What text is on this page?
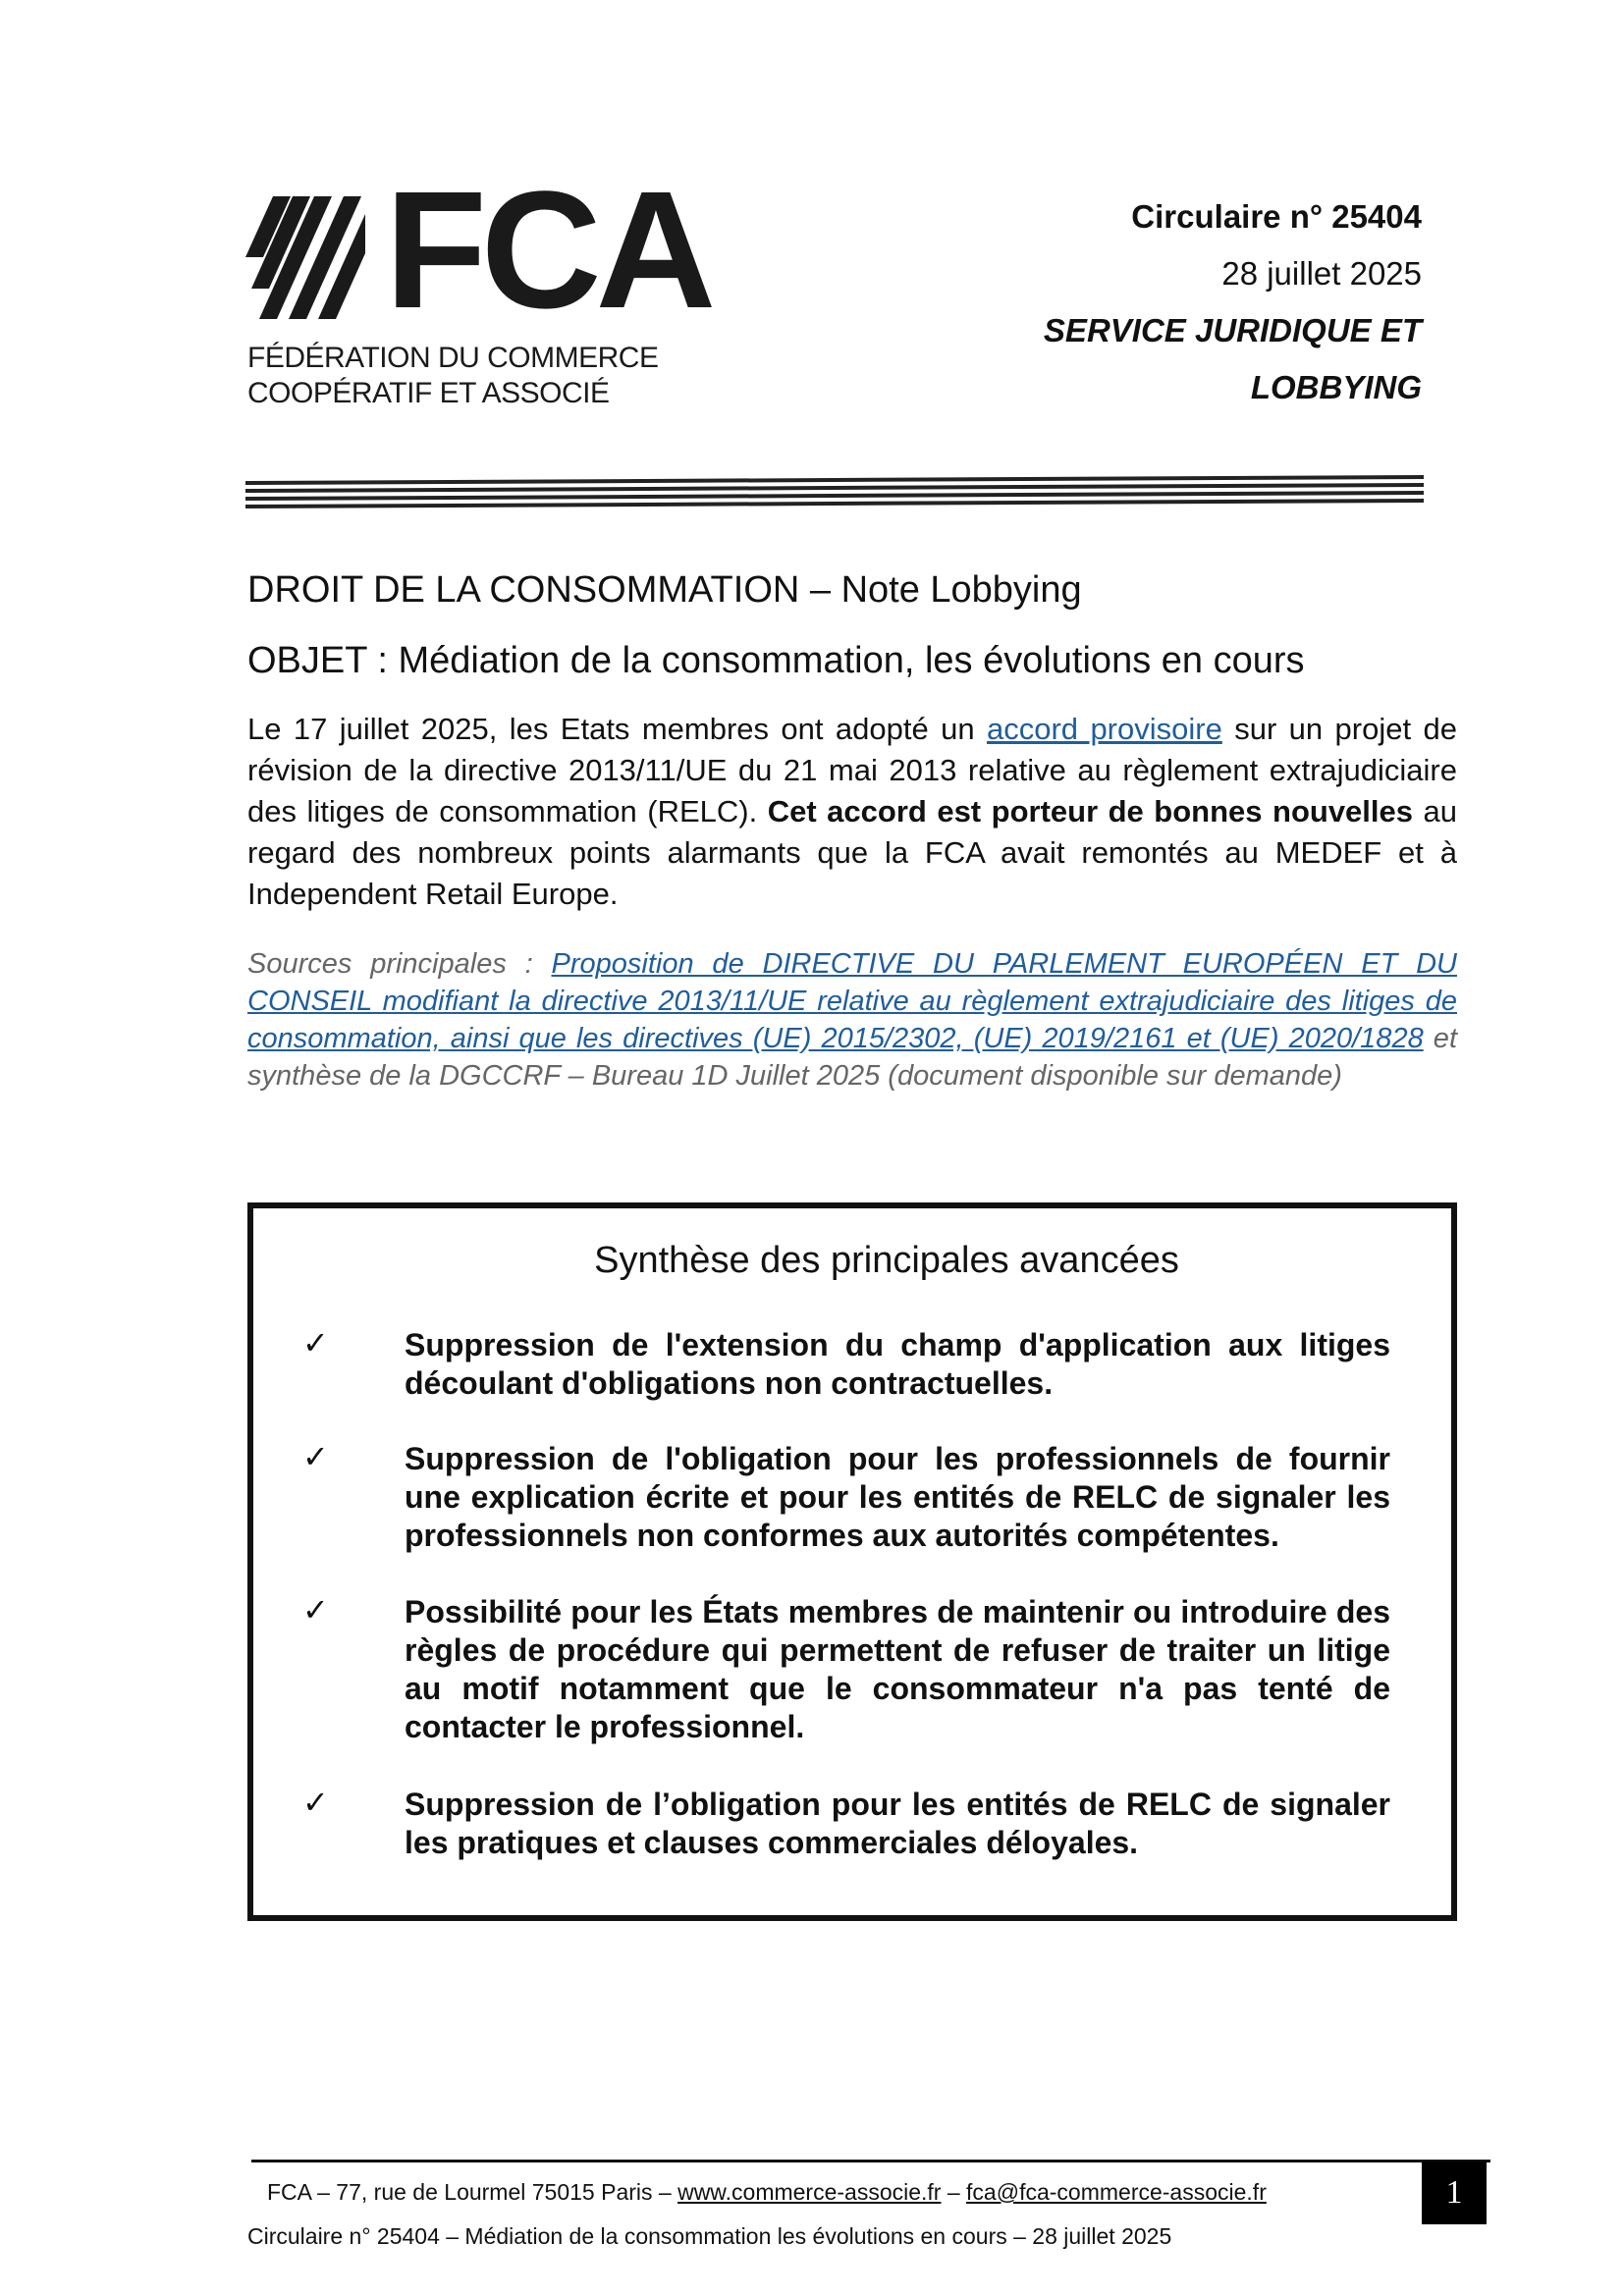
FCA
FÉDÉRATION DU COMMERCE
COOPÉRATIF ET ASSOCIÉ
Circulaire n° 25404
28 juillet 2025
SERVICE JURIDIQUE ET
LOBBYING
DROIT DE LA CONSOMMATION – Note Lobbying
OBJET : Médiation de la consommation, les évolutions en cours
Le 17 juillet 2025, les Etats membres ont adopté un accord provisoire sur un projet de révision de la directive 2013/11/UE du 21 mai 2013 relative au règlement extrajudiciaire des litiges de consommation (RELC). Cet accord est porteur de bonnes nouvelles au regard des nombreux points alarmants que la FCA avait remontés au MEDEF et à Independent Retail Europe.
Sources principales : Proposition de DIRECTIVE DU PARLEMENT EUROPÉEN ET DU CONSEIL modifiant la directive 2013/11/UE relative au règlement extrajudiciaire des litiges de consommation, ainsi que les directives (UE) 2015/2302, (UE) 2019/2161 et (UE) 2020/1828 et synthèse de la DGCCRF – Bureau 1D Juillet 2025 (document disponible sur demande)
Synthèse des principales avancées
✓ Suppression de l'extension du champ d'application aux litiges découlant d'obligations non contractuelles.
✓ Suppression de l'obligation pour les professionnels de fournir une explication écrite et pour les entités de RELC de signaler les professionnels non conformes aux autorités compétentes.
✓ Possibilité pour les États membres de maintenir ou introduire des règles de procédure qui permettent de refuser de traiter un litige au motif notamment que le consommateur n'a pas tenté de contacter le professionnel.
✓ Suppression de l’obligation pour les entités de RELC de signaler les pratiques et clauses commerciales déloyales.
FCA – 77, rue de Lourmel 75015 Paris – www.commerce-associe.fr – fca@fca-commerce-associe.fr	1
Circulaire n° 25404 – Médiation de la consommation les évolutions en cours – 28 juillet 2025
